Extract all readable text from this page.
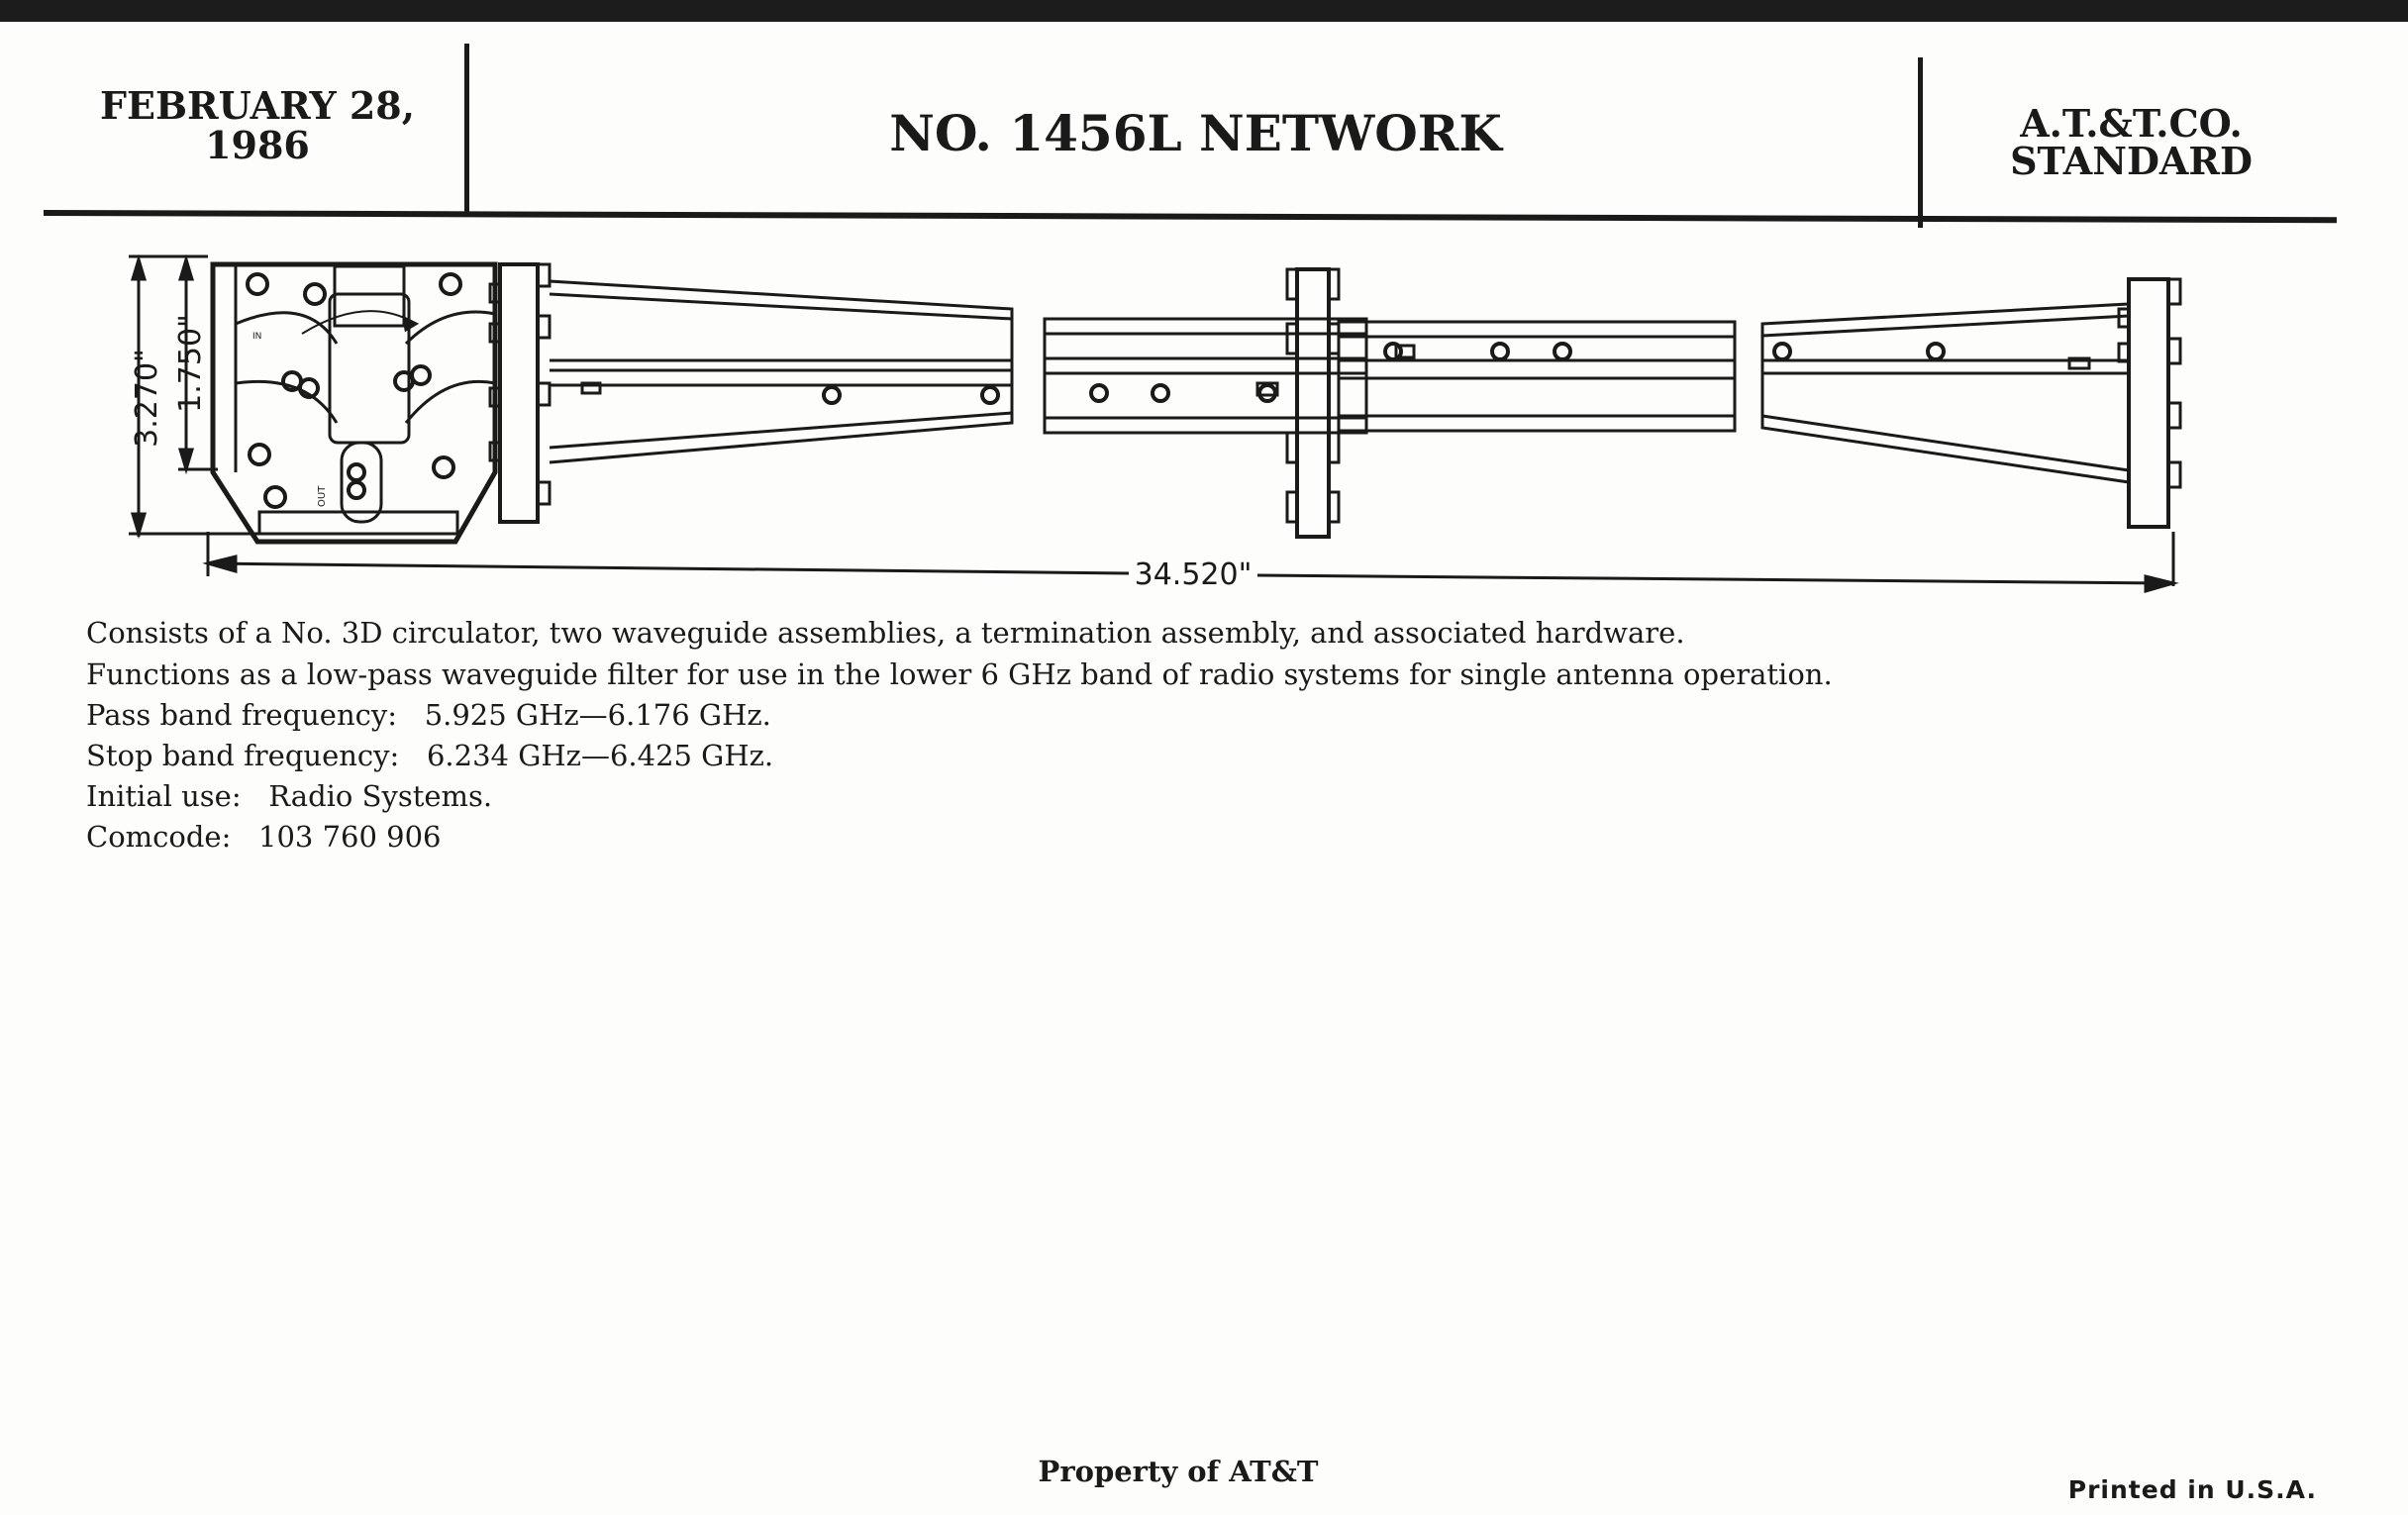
FEBRUARY 28,
1986	NO. 1456L NETWORK	A.T.&T.CO.
STANDARD
3.270" 1.750"
34.520"
IN
OUT
Consists of a No. 3D circulator, two waveguide assemblies, a termination assembly, and associated hardware.
Functions as a low-pass waveguide filter for use in the lower 6 GHz band of radio systems for single antenna operation.
Pass band frequency: 5.925 GHz—6.176 GHz.
Stop band frequency: 6.234 GHz—6.425 GHz.
Initial use: Radio Systems.
Comcode: 103 760 906
Property of AT&T
Printed in U.S.A.
